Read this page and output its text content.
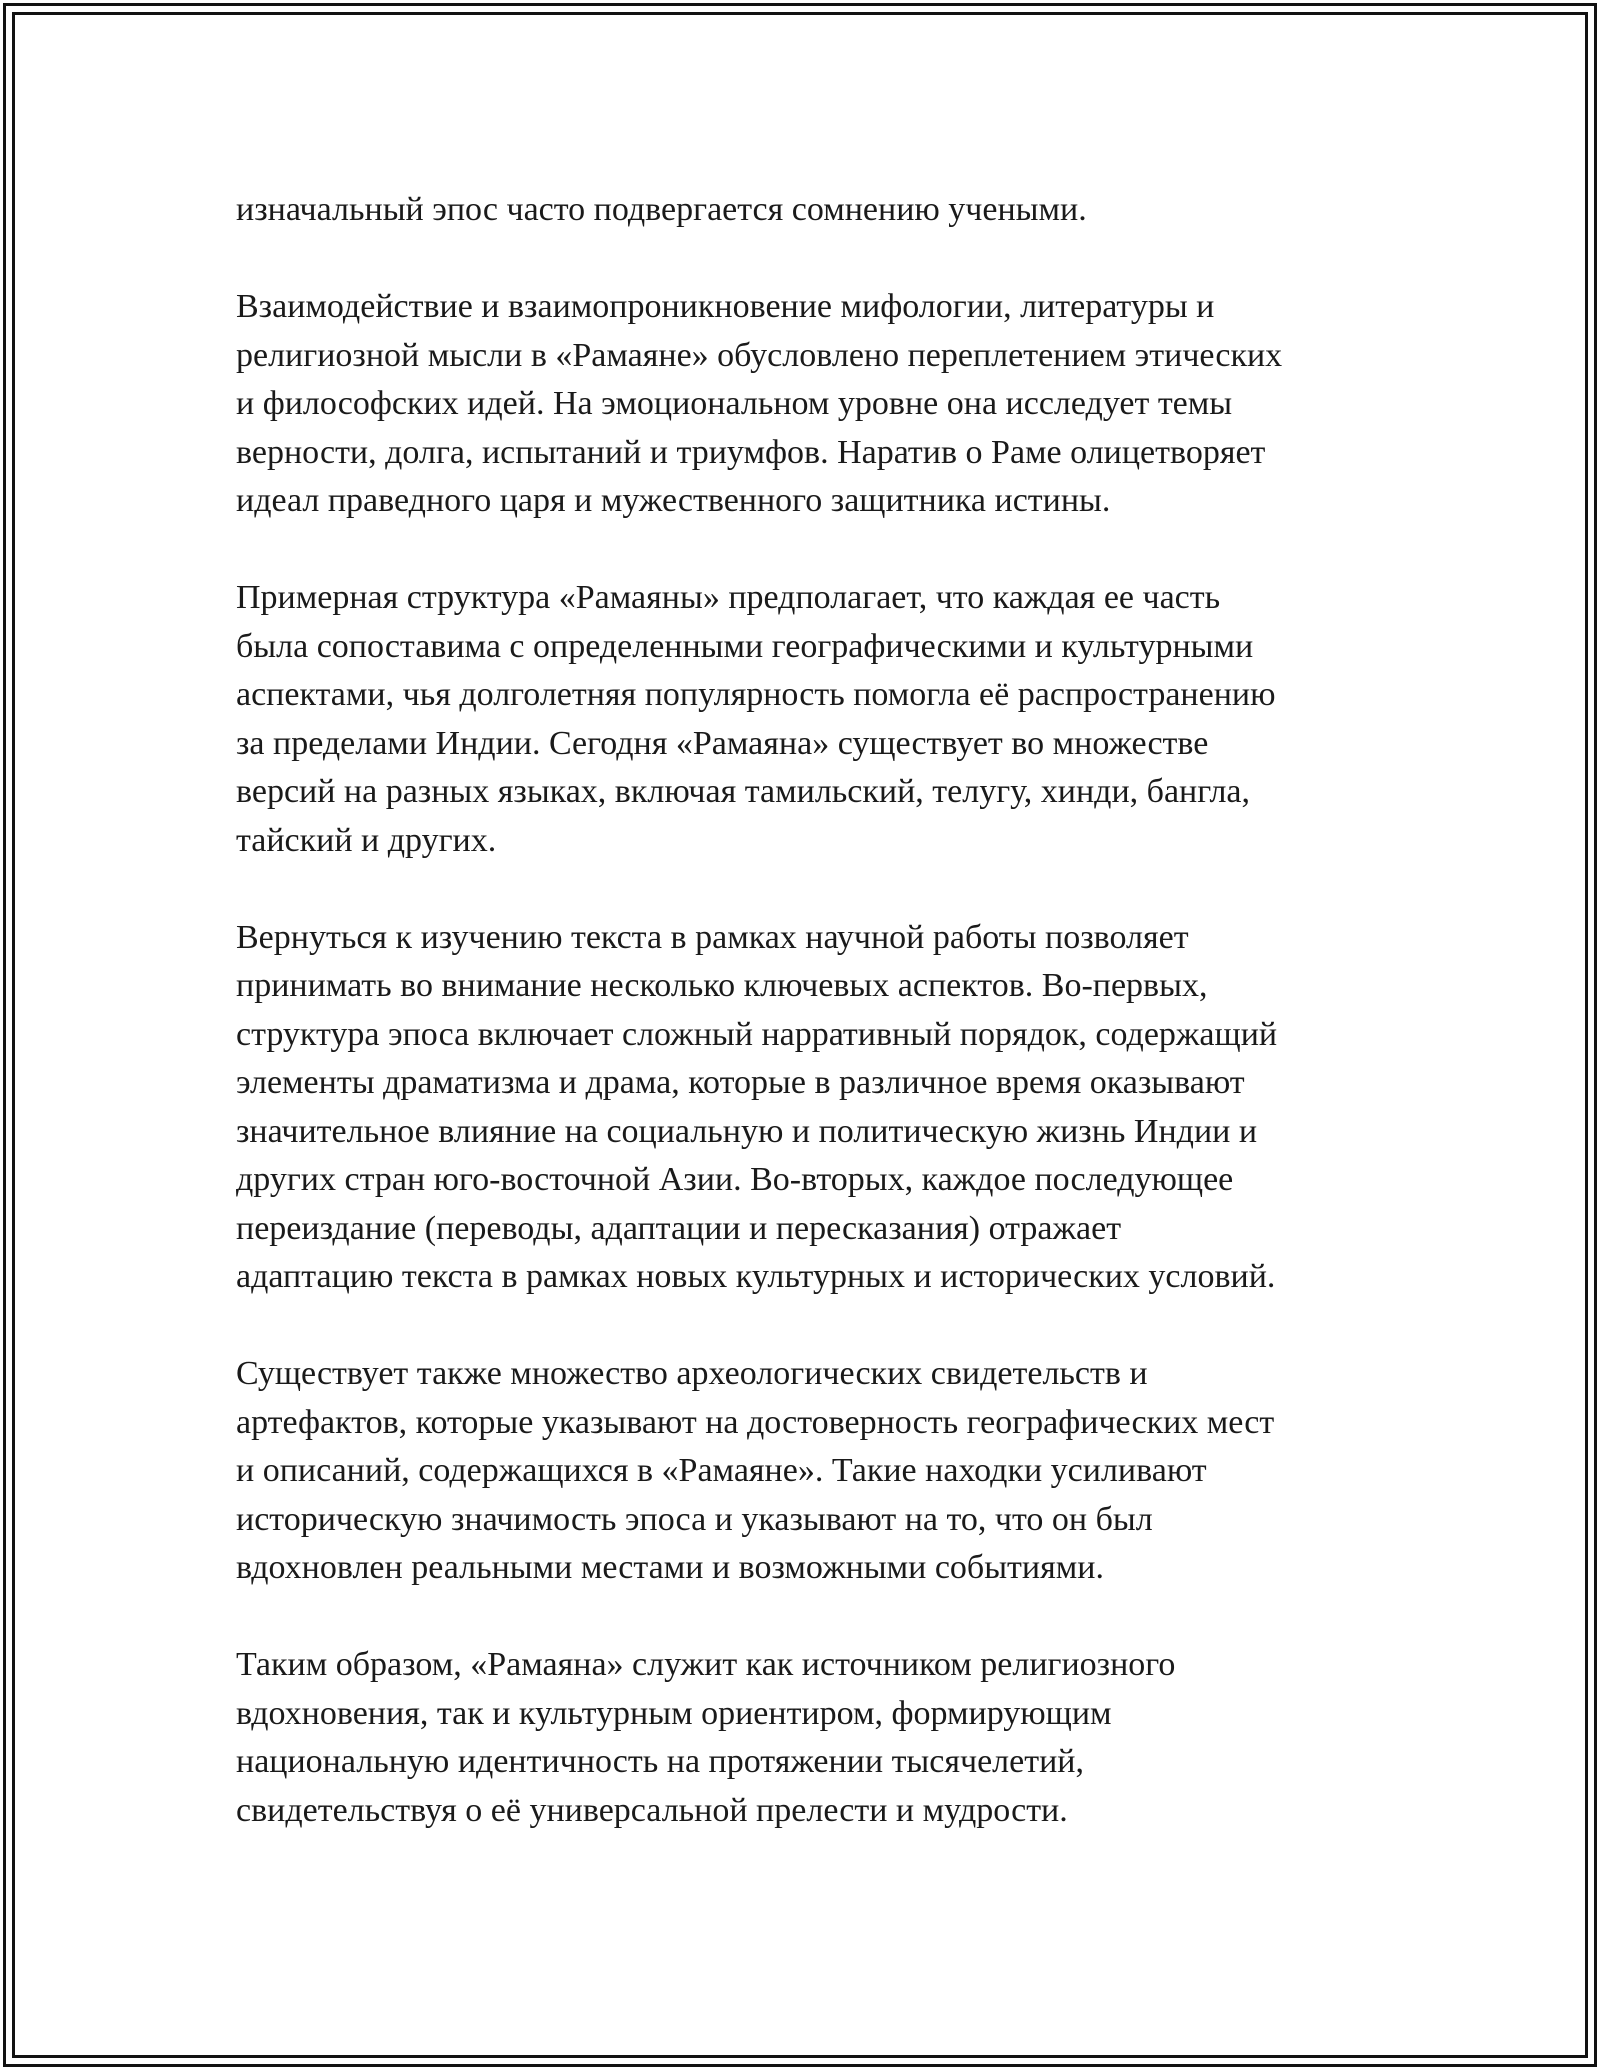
изначальный эпос часто подвергается сомнению учеными.

Взаимодействие и взаимопроникновение мифологии, литературы и
религиозной мысли в «Рамаяне» обусловлено переплетением этических
и философских идей. На эмоциональном уровне она исследует темы
верности, долга, испытаний и триумфов. Наратив о Раме олицетворяет
идеал праведного царя и мужественного защитника истины.

Примерная структура «Рамаяны» предполагает, что каждая ее часть
была сопоставима с определенными географическими и культурными
аспектами, чья долголетняя популярность помогла её распространению
за пределами Индии. Сегодня «Рамаяна» существует во множестве
версий на разных языках, включая тамильский, телугу, хинди, бангла,
тайский и других.

Вернуться к изучению текста в рамках научной работы позволяет
принимать во внимание несколько ключевых аспектов. Во-первых,
структура эпоса включает сложный нарративный порядок, содержащий
элементы драматизма и драма, которые в различное время оказывают
значительное влияние на социальную и политическую жизнь Индии и
других стран юго-восточной Азии. Во-вторых, каждое последующее
переиздание (переводы, адаптации и пересказания) отражает
адаптацию текста в рамках новых культурных и исторических условий.

Существует также множество археологических свидетельств и
артефактов, которые указывают на достоверность географических мест
и описаний, содержащихся в «Рамаяне». Такие находки усиливают
историческую значимость эпоса и указывают на то, что он был
вдохновлен реальными местами и возможными событиями.

Таким образом, «Рамаяна» служит как источником религиозного
вдохновения, так и культурным ориентиром, формирующим
национальную идентичность на протяжении тысячелетий,
свидетельствуя о её универсальной прелести и мудрости.
